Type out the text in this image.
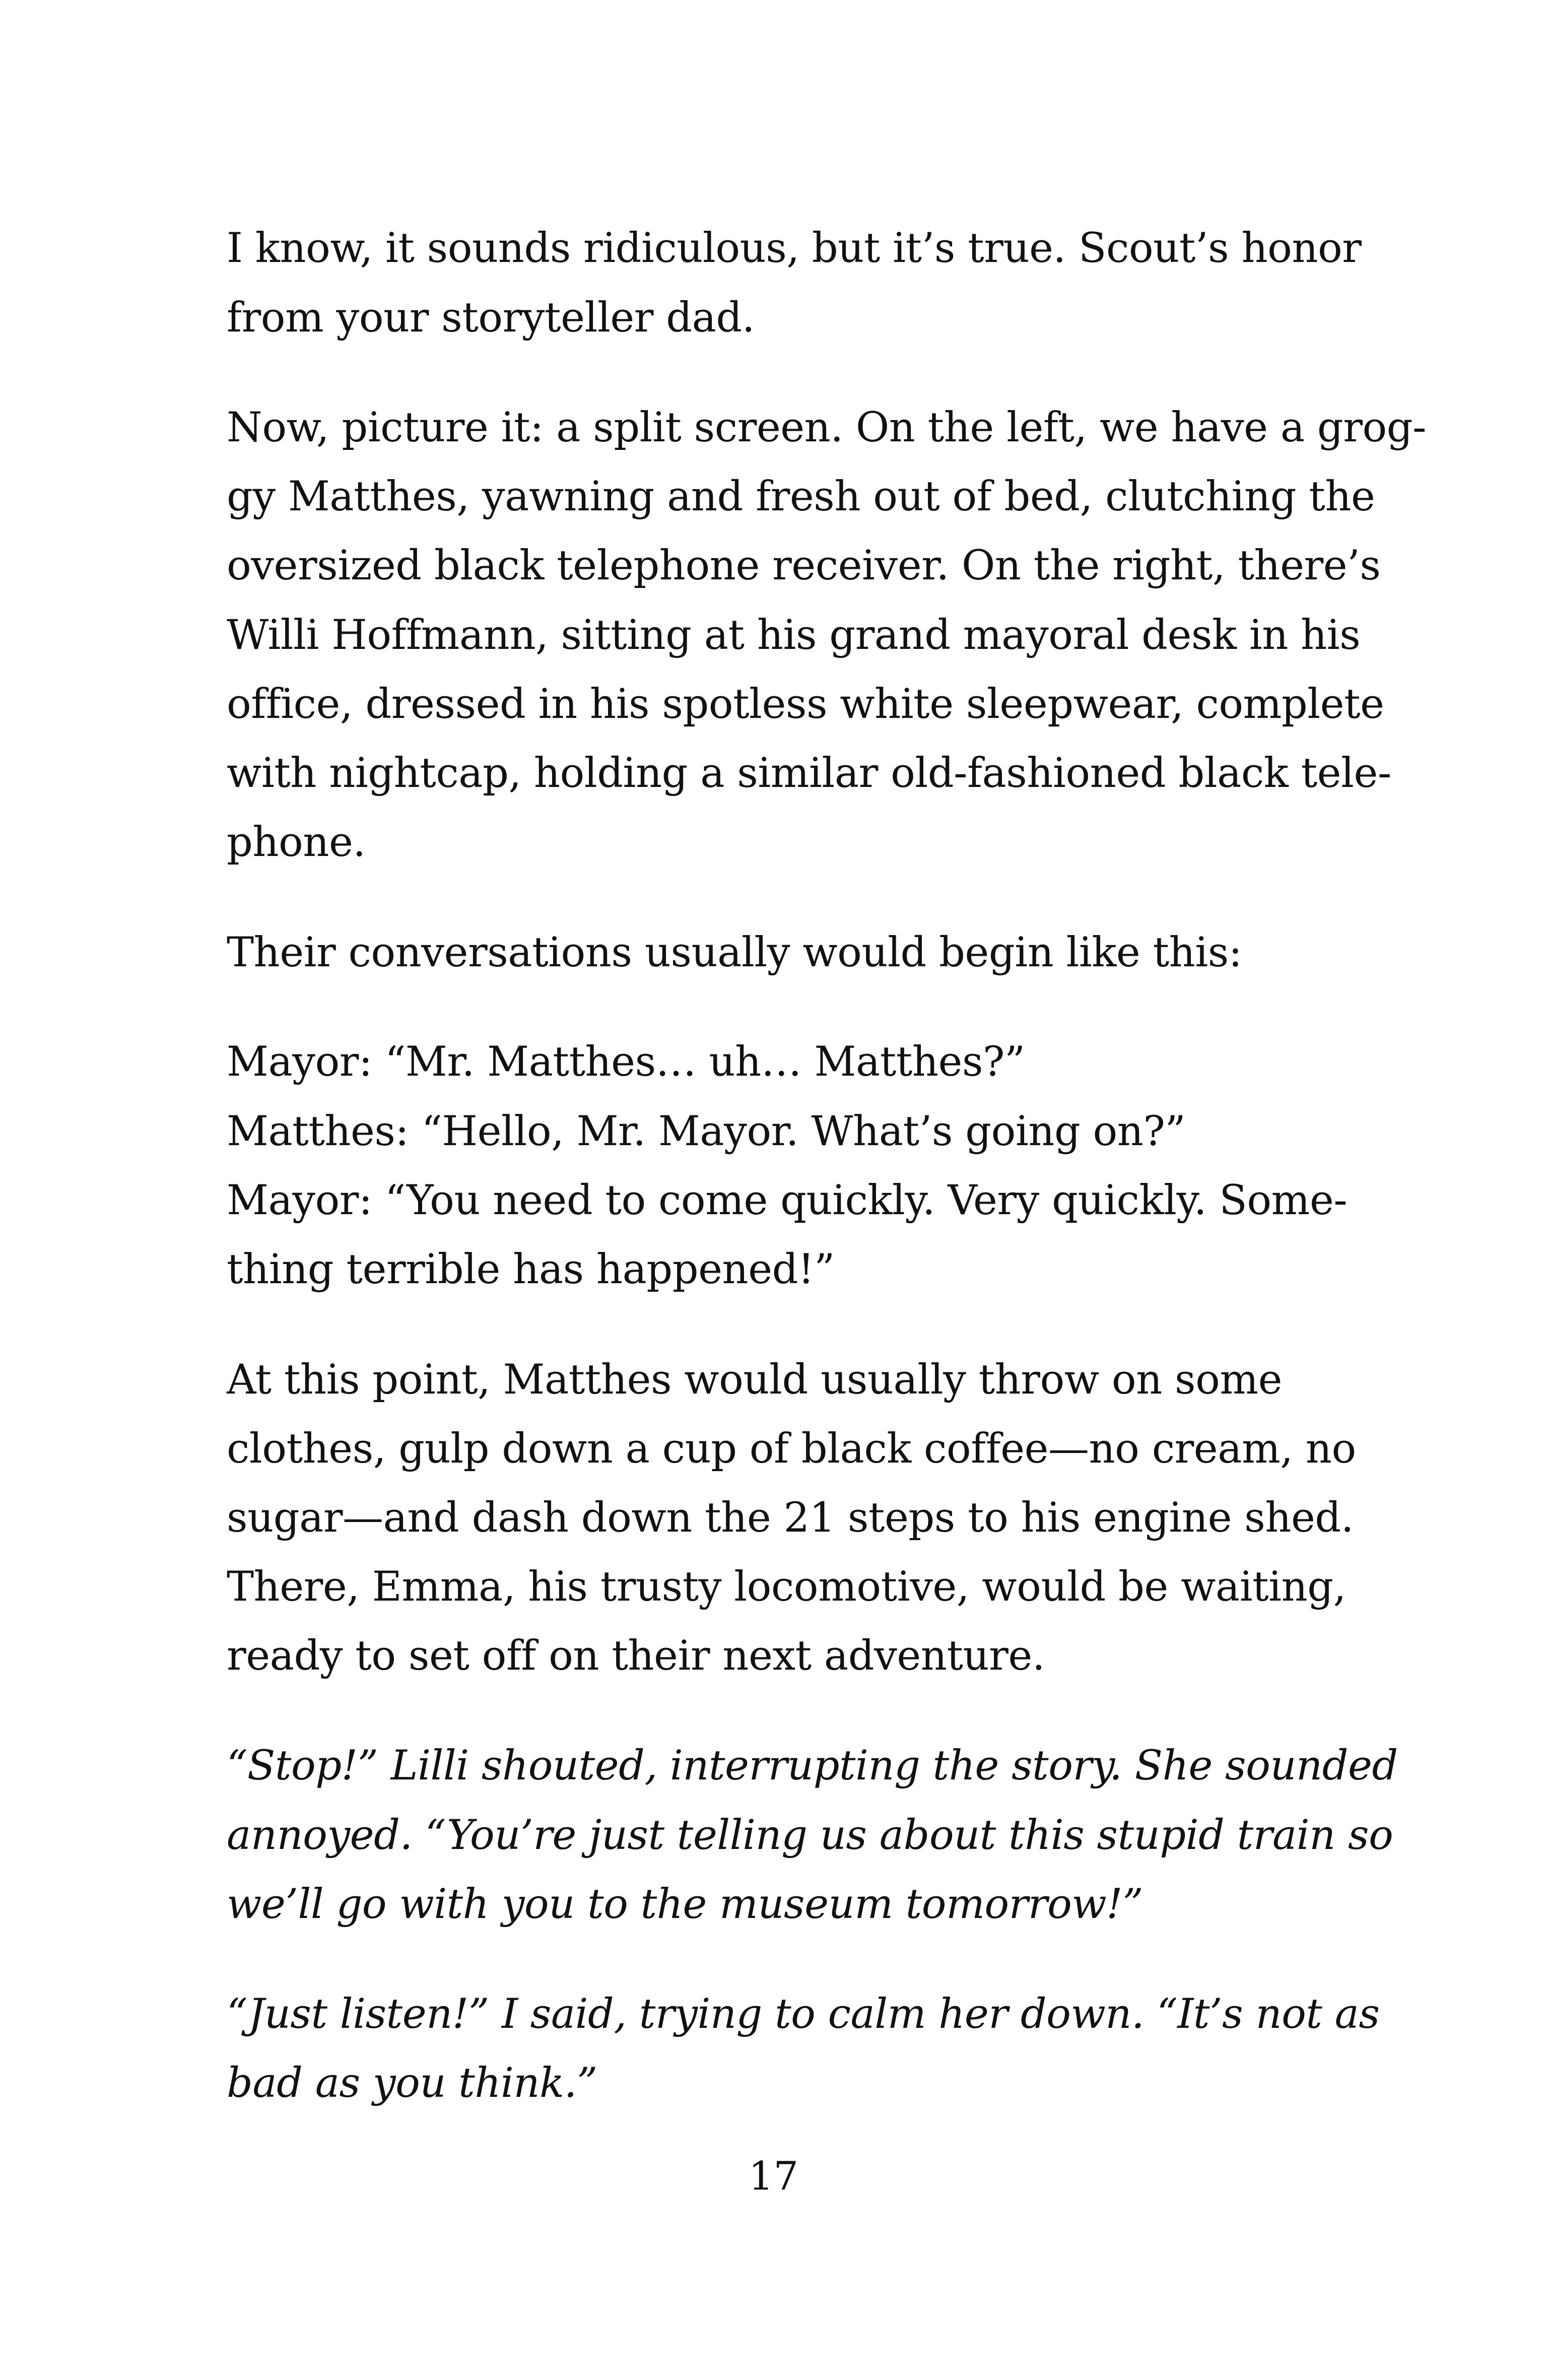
I know, it sounds ridiculous, but it’s true. Scout’s honor
from your storyteller dad.
Now, picture it: a split screen. On the left, we have a grog-
gy Matthes, yawning and fresh out of bed, clutching the
oversized black telephone receiver. On the right, there’s
Willi Hoffmann, sitting at his grand mayoral desk in his
office, dressed in his spotless white sleepwear, complete
with nightcap, holding a similar old-fashioned black tele-
phone.
Their conversations usually would begin like this:
Mayor: “Mr. Matthes… uh… Matthes?”
Matthes: “Hello, Mr. Mayor. What’s going on?”
Mayor: “You need to come quickly. Very quickly. Some-
thing terrible has happened!”
At this point, Matthes would usually throw on some
clothes, gulp down a cup of black coffee—no cream, no
sugar—and dash down the 21 steps to his engine shed.
There, Emma, his trusty locomotive, would be waiting,
ready to set off on their next adventure.
“Stop!” Lilli shouted, interrupting the story. She sounded
annoyed. “You’re just telling us about this stupid train so
we’ll go with you to the museum tomorrow!”
“Just listen!” I said, trying to calm her down. “It’s not as
bad as you think.”
17
